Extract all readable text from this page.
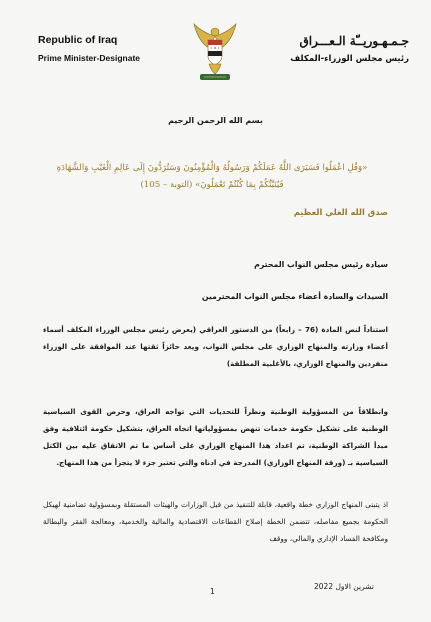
Republic of Iraq
Prime Minister-Designate
جـمـهـوريــّة الـعـــراق
رئيس مجلس الوزراء-المكلف
بسم الله الرحمن الرحيم
«وَقُلِ اعْمَلُوا فَسَيَرَى اللَّهُ عَمَلَكُمْ وَرَسُولُهُ وَالْمُؤْمِنُونَ وَسَتُرَدُّونَ إِلَى عَالِمِ الْغَيْبِ وَالشَّهَادَةِ
فَيُنَبِّئُكُمْ بِمَا كُنْتُمْ تَعْمَلُونَ» (التوبة – 105)
صدق الله العلي العظيم
سيادة رئيس مجلس النواب المحترم
السيدات والسادة أعضاء مجلس النواب المحترمين
استناداً لنص المادة (76 – رابعاً) من الدستور العراقي (يعرض رئيس مجلس الوزراء المكلف أسماء أعضاء وزارته والمنهاج الوزاري على مجلس النواب، ويعد حائزاً ثقتها عند الموافقة على الوزراء منفردين والمنهاج الوزاري، بالأغلبية المطلقة)
وانطلاقاً من المسؤولية الوطنية ونظراً للتحديات التي تواجه العراق، وحرص القوى السياسية الوطنية على تشكيل حكومة خدمات تنهض بمسؤولياتها اتجاه العراق، بتشكيل حكومة ائتلافية وفق مبدأ الشراكة الوطنية، تم اعداد هذا المنهاج الوزاري على أساس ما تم الاتفاق عليه بين الكتل السياسية بـ (ورقة المنهاج الوزاري) المدرجة في ادناه والتي تعتبر جزء لا يتجزأ من هذا المنهاج.
اذ يتبنى المنهاج الوزاري خطة واقعية، قابلة للتنفيذ من قبل الوزارات والهيئات المستقلة وبمسؤولية تضامنية لهيكل الحكومة بجميع مفاصله، تتضمن الخطة إصلاح القطاعات الاقتصادية والمالية والخدمية، ومعالجة الفقر والبطالة ومكافحة الفساد الإداري والمالي، ووقف
1
تشرين الاول 2022
